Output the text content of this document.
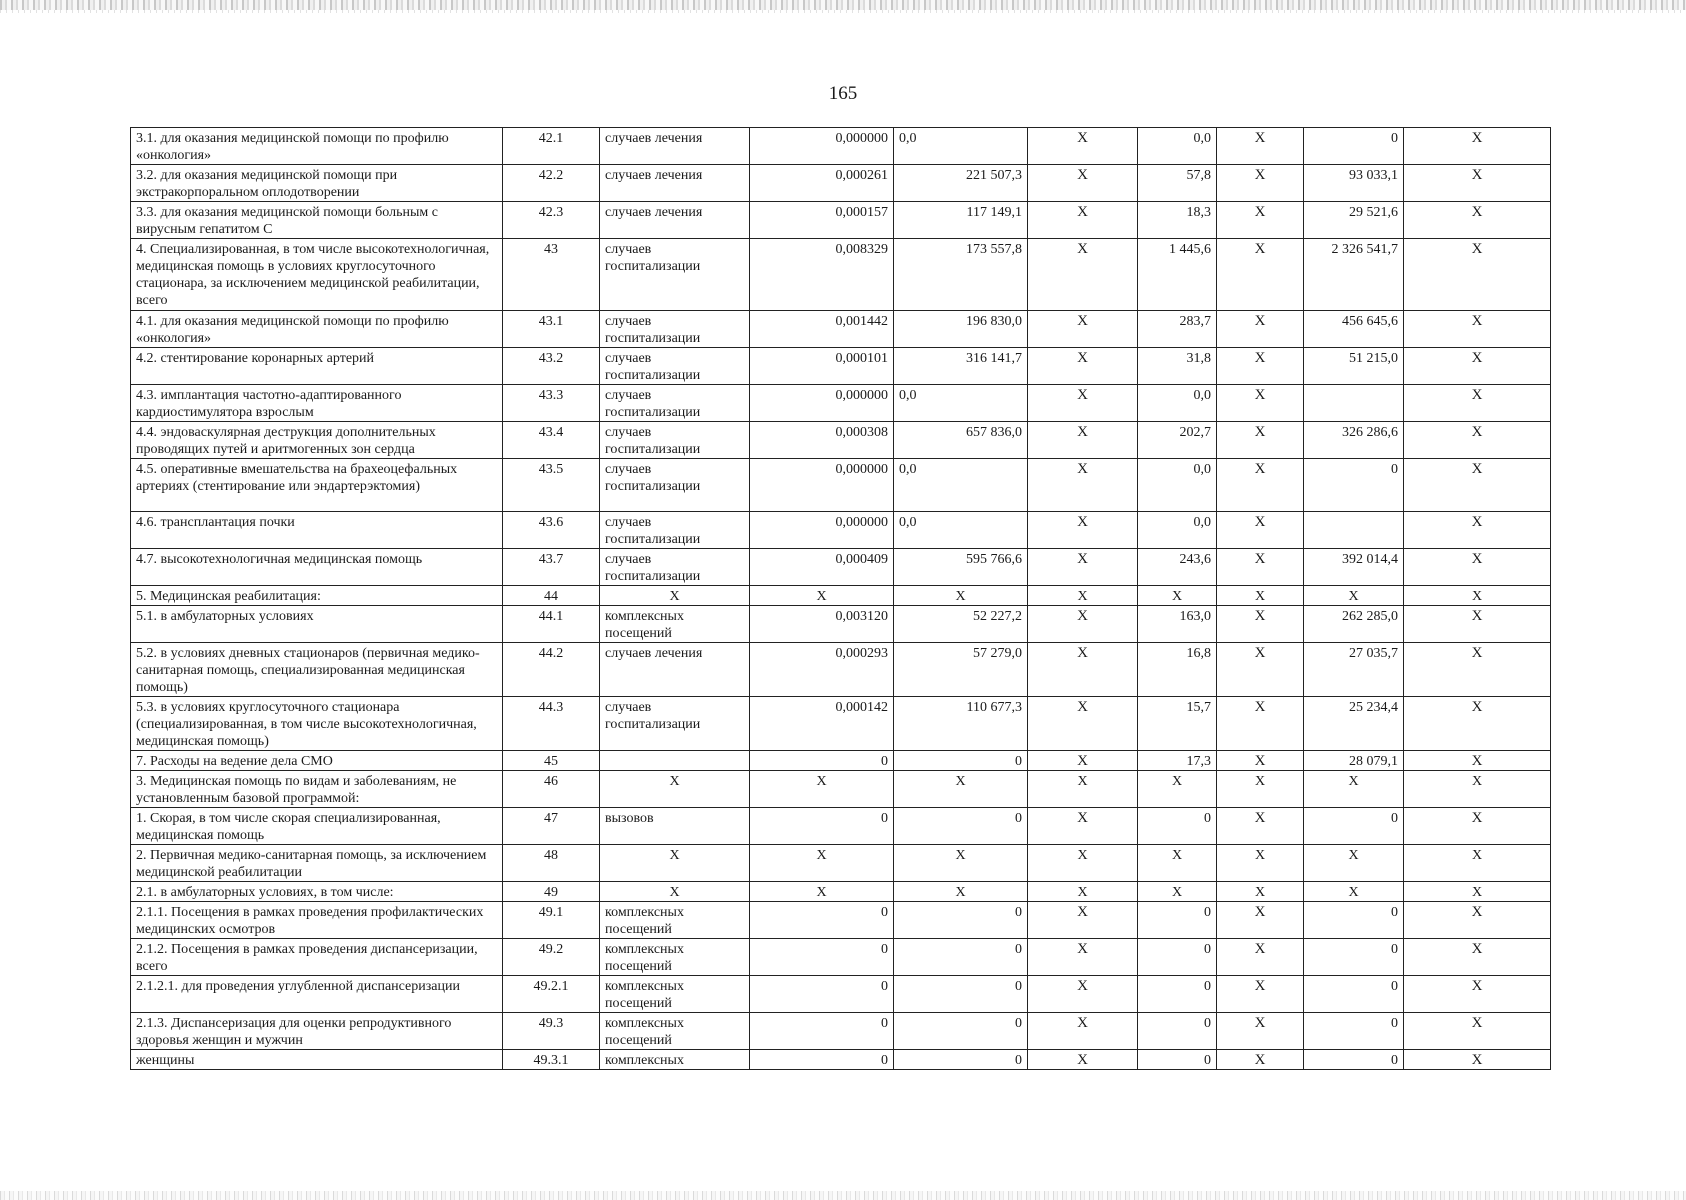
165
3.1. для оказания медицинской помощи по профилю «онкология»	42.1	случаев лечения	0,000000	0,0	X	0,0	X	0	X
3.2. для оказания медицинской помощи при экстракорпоральном оплодотворении	42.2	случаев лечения	0,000261	221 507,3	X	57,8	X	93 033,1	X
3.3. для оказания медицинской помощи больным с вирусным гепатитом С	42.3	случаев лечения	0,000157	117 149,1	X	18,3	X	29 521,6	X
4. Специализированная, в том числе высокотехнологичная, медицинская помощь в условиях круглосуточного стационара, за исключением медицинской реабилитации, всего	43	случаев госпитализации	0,008329	173 557,8	X	1 445,6	X	2 326 541,7	X
4.1. для оказания медицинской помощи по профилю «онкология»	43.1	случаев госпитализации	0,001442	196 830,0	X	283,7	X	456 645,6	X
4.2. стентирование коронарных артерий	43.2	случаев госпитализации	0,000101	316 141,7	X	31,8	X	51 215,0	X
4.3. имплантация частотно-адаптированного кардиостимулятора взрослым	43.3	случаев госпитализации	0,000000	0,0	X	0,0	X		X
4.4. эндоваскулярная деструкция дополнительных проводящих путей и аритмогенных зон сердца	43.4	случаев госпитализации	0,000308	657 836,0	X	202,7	X	326 286,6	X
4.5. оперативные вмешательства на брахеоцефальных артериях (стентирование или эндартерэктомия)	43.5	случаев госпитализации	0,000000	0,0	X	0,0	X	0	X
4.6. трансплантация почки	43.6	случаев госпитализации	0,000000	0,0	X	0,0	X		X
4.7. высокотехнологичная медицинская помощь	43.7	случаев госпитализации	0,000409	595 766,6	X	243,6	X	392 014,4	X
5. Медицинская реабилитация:	44	X	X	X	X	X	X	X	X
5.1. в амбулаторных условиях	44.1	комплексных посещений	0,003120	52 227,2	X	163,0	X	262 285,0	X
5.2. в условиях дневных стационаров (первичная медико-санитарная помощь, специализированная медицинская помощь)	44.2	случаев лечения	0,000293	57 279,0	X	16,8	X	27 035,7	X
5.3. в условиях круглосуточного стационара (специализированная, в том числе высокотехнологичная, медицинская помощь)	44.3	случаев госпитализации	0,000142	110 677,3	X	15,7	X	25 234,4	X
7. Расходы на ведение дела СМО	45		0	0	X	17,3	X	28 079,1	X
3. Медицинская помощь по видам и заболеваниям, не установленным базовой программой:	46	X	X	X	X	X	X	X	X
1. Скорая, в том числе скорая специализированная, медицинская помощь	47	вызовов	0	0	X	0	X	0	X
2. Первичная медико-санитарная помощь, за исключением медицинской реабилитации	48	X	X	X	X	X	X	X	X
2.1. в амбулаторных условиях, в том числе:	49	X	X	X	X	X	X	X	X
2.1.1. Посещения в рамках проведения профилактических медицинских осмотров	49.1	комплексных посещений	0	0	X	0	X	0	X
2.1.2. Посещения в рамках проведения диспансеризации, всего	49.2	комплексных посещений	0	0	X	0	X	0	X
2.1.2.1. для проведения углубленной диспансеризации	49.2.1	комплексных посещений	0	0	X	0	X	0	X
2.1.3. Диспансеризация для оценки репродуктивного здоровья женщин и мужчин	49.3	комплексных посещений	0	0	X	0	X	0	X
женщины	49.3.1	комплексных	0	0	X	0	X	0	X
